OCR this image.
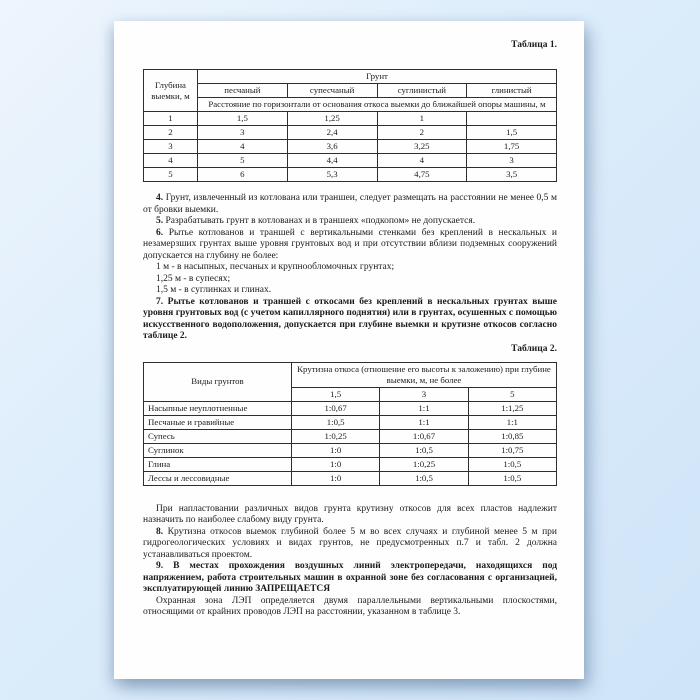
Таблица 1.
Глубина выемки, м	Грунт			
	песчаный	супесчаный	суглинистый	глинистый
	Расстояние по горизонтали от основания откоса выемки до ближайшей опоры машины, м			
1	1,5	1,25	1	
2	3	2,4	2	1,5
3	4	3,6	3,25	1,75
4	5	4,4	4	3
5	6	5,3	4,75	3,5

4. Грунт, извлеченный из котлована или траншеи, следует размещать на расстоянии не менее 0,5 м от бровки выемки.

5. Разрабатывать грунт в котлованах и в траншеях «подкопом» не допускается.

6. Рытье котлованов и траншей с вертикальными стенками без креплений в нескальных и незамерзших грунтах выше уровня грунтовых вод и при отсутствии вблизи подземных сооружений допускается на глубину не более:

1 м - в насыпных, песчаных и крупнообломочных грунтах;

1,25 м - в супесях;

1,5 м - в суглинках и глинах.

7. Рытье котлованов и траншей с откосами без креплений в нескальных грунтах выше уровня грунтовых вод (с учетом капиллярного поднятия) или в грунтах, осушенных с помощью искусственного водоположения, допускается при глубине выемки и крутизне откосов согласно таблице 2.

Таблица 2.
Виды грунтов	Крутизна откоса (отношение его высоты к заложению) при глубине выемки, м, не более		
	1,5	3	5
Насыпные неуплотненные	1:0,67	1:1	1:1,25
Песчаные и гравийные	1:0,5	1:1	1:1
Супесь	1:0,25	1:0,67	1:0,85
Суглинок	1:0	1:0,5	1:0,75
Глина	1:0	1:0,25	1:0,5
Лессы и лессовидные	1:0	1:0,5	1:0,5

При напластовании различных видов грунта крутизну откосов для всех пластов надлежит назначить по наиболее слабому виду грунта.

8. Крутизна откосов выемок глубиной более 5 м во всех случаях и глубиной менее 5 м при гидрогеологических условиях и видах грунтов, не предусмотренных п.7 и табл. 2 должна устанавливаться проектом.

9. В местах прохождения воздушных линий электропередачи, находящихся под напряжением, работа строительных машин в охранной зоне без согласования с организацией, эксплуатирующей линию ЗАПРЕЩАЕТСЯ

Охранная зона ЛЭП определяется двумя параллельными вертикальными плоскостями, относящими от крайних проводов ЛЭП на расстоянии, указанном в таблице 3.
